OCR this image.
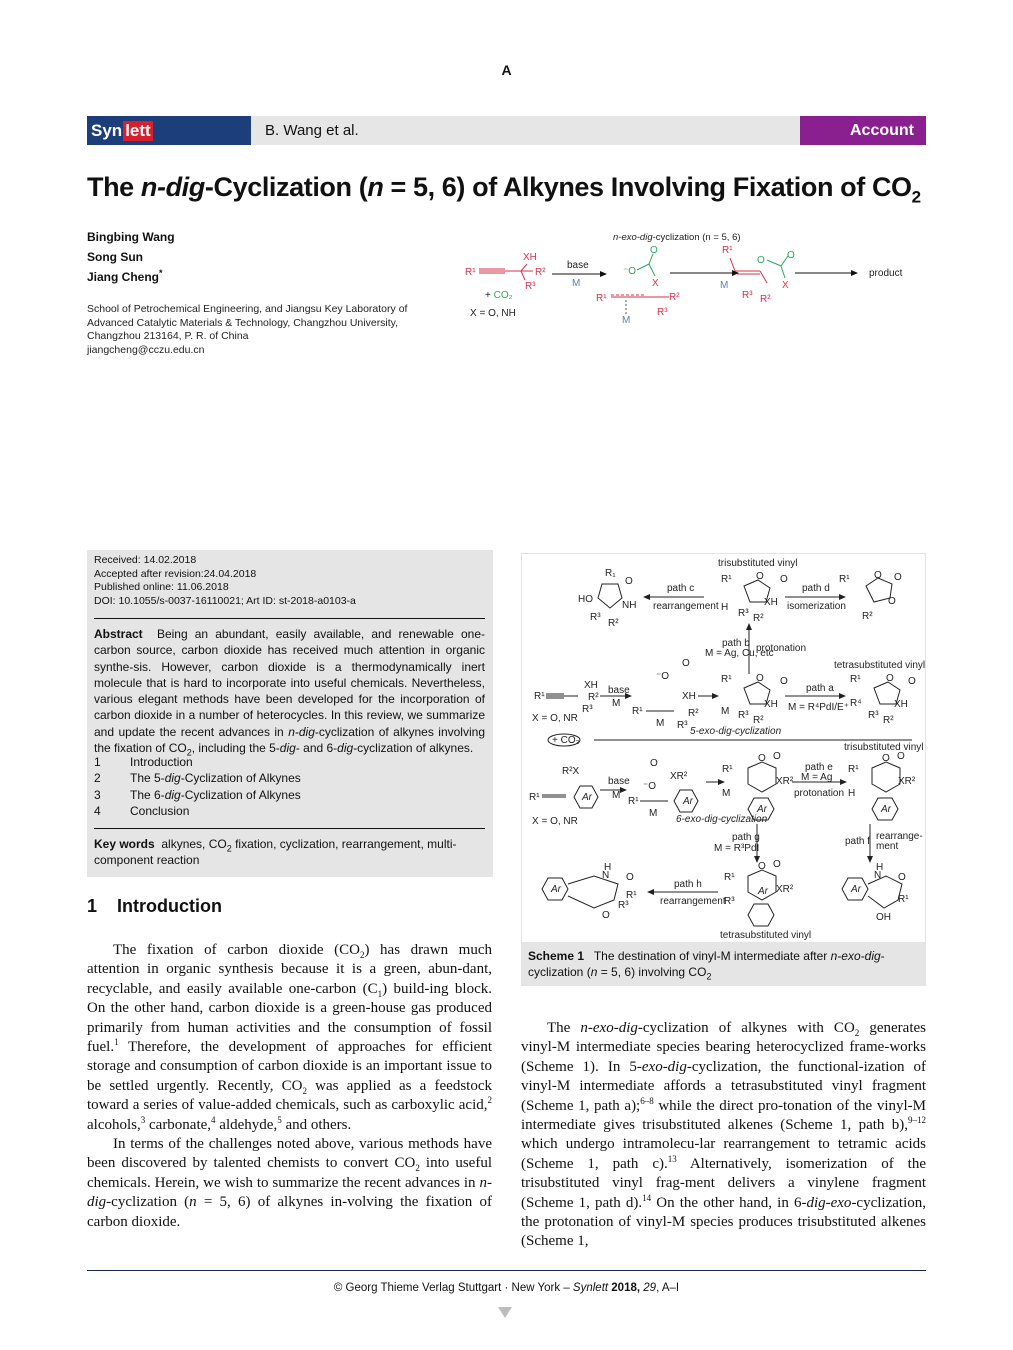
A
Syn lett	B. Wang et al.	Account
The n-dig-Cyclization (n = 5, 6) of Alkynes Involving Fixation of $CO_2$
Bingbing Wang
Song Sun
Jiang Cheng*
School of Petrochemical Engineering, and Jiangsu Key Laboratory of
Advanced Catalytic Materials & Technology, Changzhou University,
Changzhou 213164, P. R. of China
jiangcheng@cczu.edu.cn
n-exo-dig-cyclization (n = 5, 6)
R¹
XH
R²
R³
+ CO₂
X = O, NH
base
M
⁻O
O
X
R¹	R²
R³
M
R¹
M
O O
X
R³ R²
product
Received: 14.02.2018
Accepted after revision:24.04.2018
Published online: 11.06.2018
DOI: 10.1055/s-0037-16110021; Art ID: st-2018-a0103-a
Abstract Being an abundant, easily available, and renewable one-carbon source, carbon dioxide has received much attention in organic synthe-sis. However, carbon dioxide is a thermodynamically inert molecule that is hard to incorporate into useful chemicals. Nevertheless, various elegant methods have been developed for the incorporation of carbon dioxide in a number of heterocycles. In this review, we summarize and update the recent advances in n-dig-cyclization of alkynes involving the fixation of $CO_2$, including the 5-dig- and 6-dig-cyclization of alkynes.
1	Introduction
2	The 5- dig -Cyclization of Alkynes
3	The 6- dig -Cyclization of Alkynes
4	Conclusion
Key words alkynes, $CO_2$ fixation, cyclization, rearrangement, multi-component reaction
1 Introduction

The fixation of carbon dioxide $(CO_2)$ has drawn much attention in organic synthesis because it is a green, abun-dant, recyclable, and easily available one-carbon $(C_1)$ build-ing block. On the other hand, carbon dioxide is a green-house gas produced primarily from human activities and the consumption of fossil fuel.$^1$ Therefore, the development of approaches for efficient storage and consumption of carbon dioxide is an important issue to be settled urgently. Recently, $CO_2$ was applied as a feedstock toward a series of value-added chemicals, such as carboxylic acid,$^2$ alcohols,$^3$ carbonate,$^4$ aldehyde,$^5$ and others.

In terms of the challenges noted above, various methods have been discovered by talented chemists to convert $CO_2$ into useful chemicals. Herein, we wish to summarize the recent advances in n-dig-cyclization (n = 5, 6) of alkynes in-volving the fixation of carbon dioxide.

trisubstituted vinyl
R₁
O
NH
HO
R³
R²
path c
rearrangement
R¹
H
O O
XH
R³ R²
path d
isomerization
R¹ O O
O
R²
path b
M = Ag, Cu, etc
protonation
tetrasubstituted vinyl
R¹
XH
R²
R³
base
M
X = O, NR
⁻O
O
XH
R¹
M
R²
R³
R¹
M
O O
XH
R³ R²
path a
M = R⁴PdI/E⁺
R¹
R⁴
O O
XH
R³ R²
5-exo-dig-cyclization
+ CO₂
trisubstituted vinyl
R²X
R¹	Ar
base
M
X = O, NR
O
XR²
⁻O
R¹
M
Ar
R¹
M
O O
XR²
Ar
6-exo-dig-cyclization
path e
M = Ag
protonation
R¹
H
O O
XR²
Ar
path g
M = R³PdI
path f rearrange-
ment
Ar
H
N O
R¹
R³
O
path h
rearrangement
R¹
R³
O O
XR²
Ar
tetrasubstituted vinyl
Ar
H
N O
R¹
OH
Scheme 1 The destination of vinyl-M intermediate after n-exo-dig-cyclization (n = 5, 6) involving $CO_2$

The n-exo-dig-cyclization of alkynes with $CO_2$ generates vinyl-M intermediate species bearing heterocyclized frame-works (Scheme 1). In 5-exo-dig-cyclization, the functional-ization of vinyl-M intermediate affords a tetrasubstituted vinyl fragment (Scheme 1, path a);$^{6-8}$ while the direct pro-tonation of the vinyl-M intermediate gives trisubstituted alkenes (Scheme 1, path b),$^{9-12}$ which undergo intramolecu-lar rearrangement to tetramic acids (Scheme 1, path c).$^{13}$ Alternatively, isomerization of the trisubstituted vinyl frag-ment delivers a vinylene fragment (Scheme 1, path d).$^{14}$ On the other hand, in 6-dig-exo-cyclization, the protonation of vinyl-M species produces trisubstituted alkenes (Scheme 1,

© Georg Thieme Verlag Stuttgart · New York – Synlett 2018, 29, A–I
